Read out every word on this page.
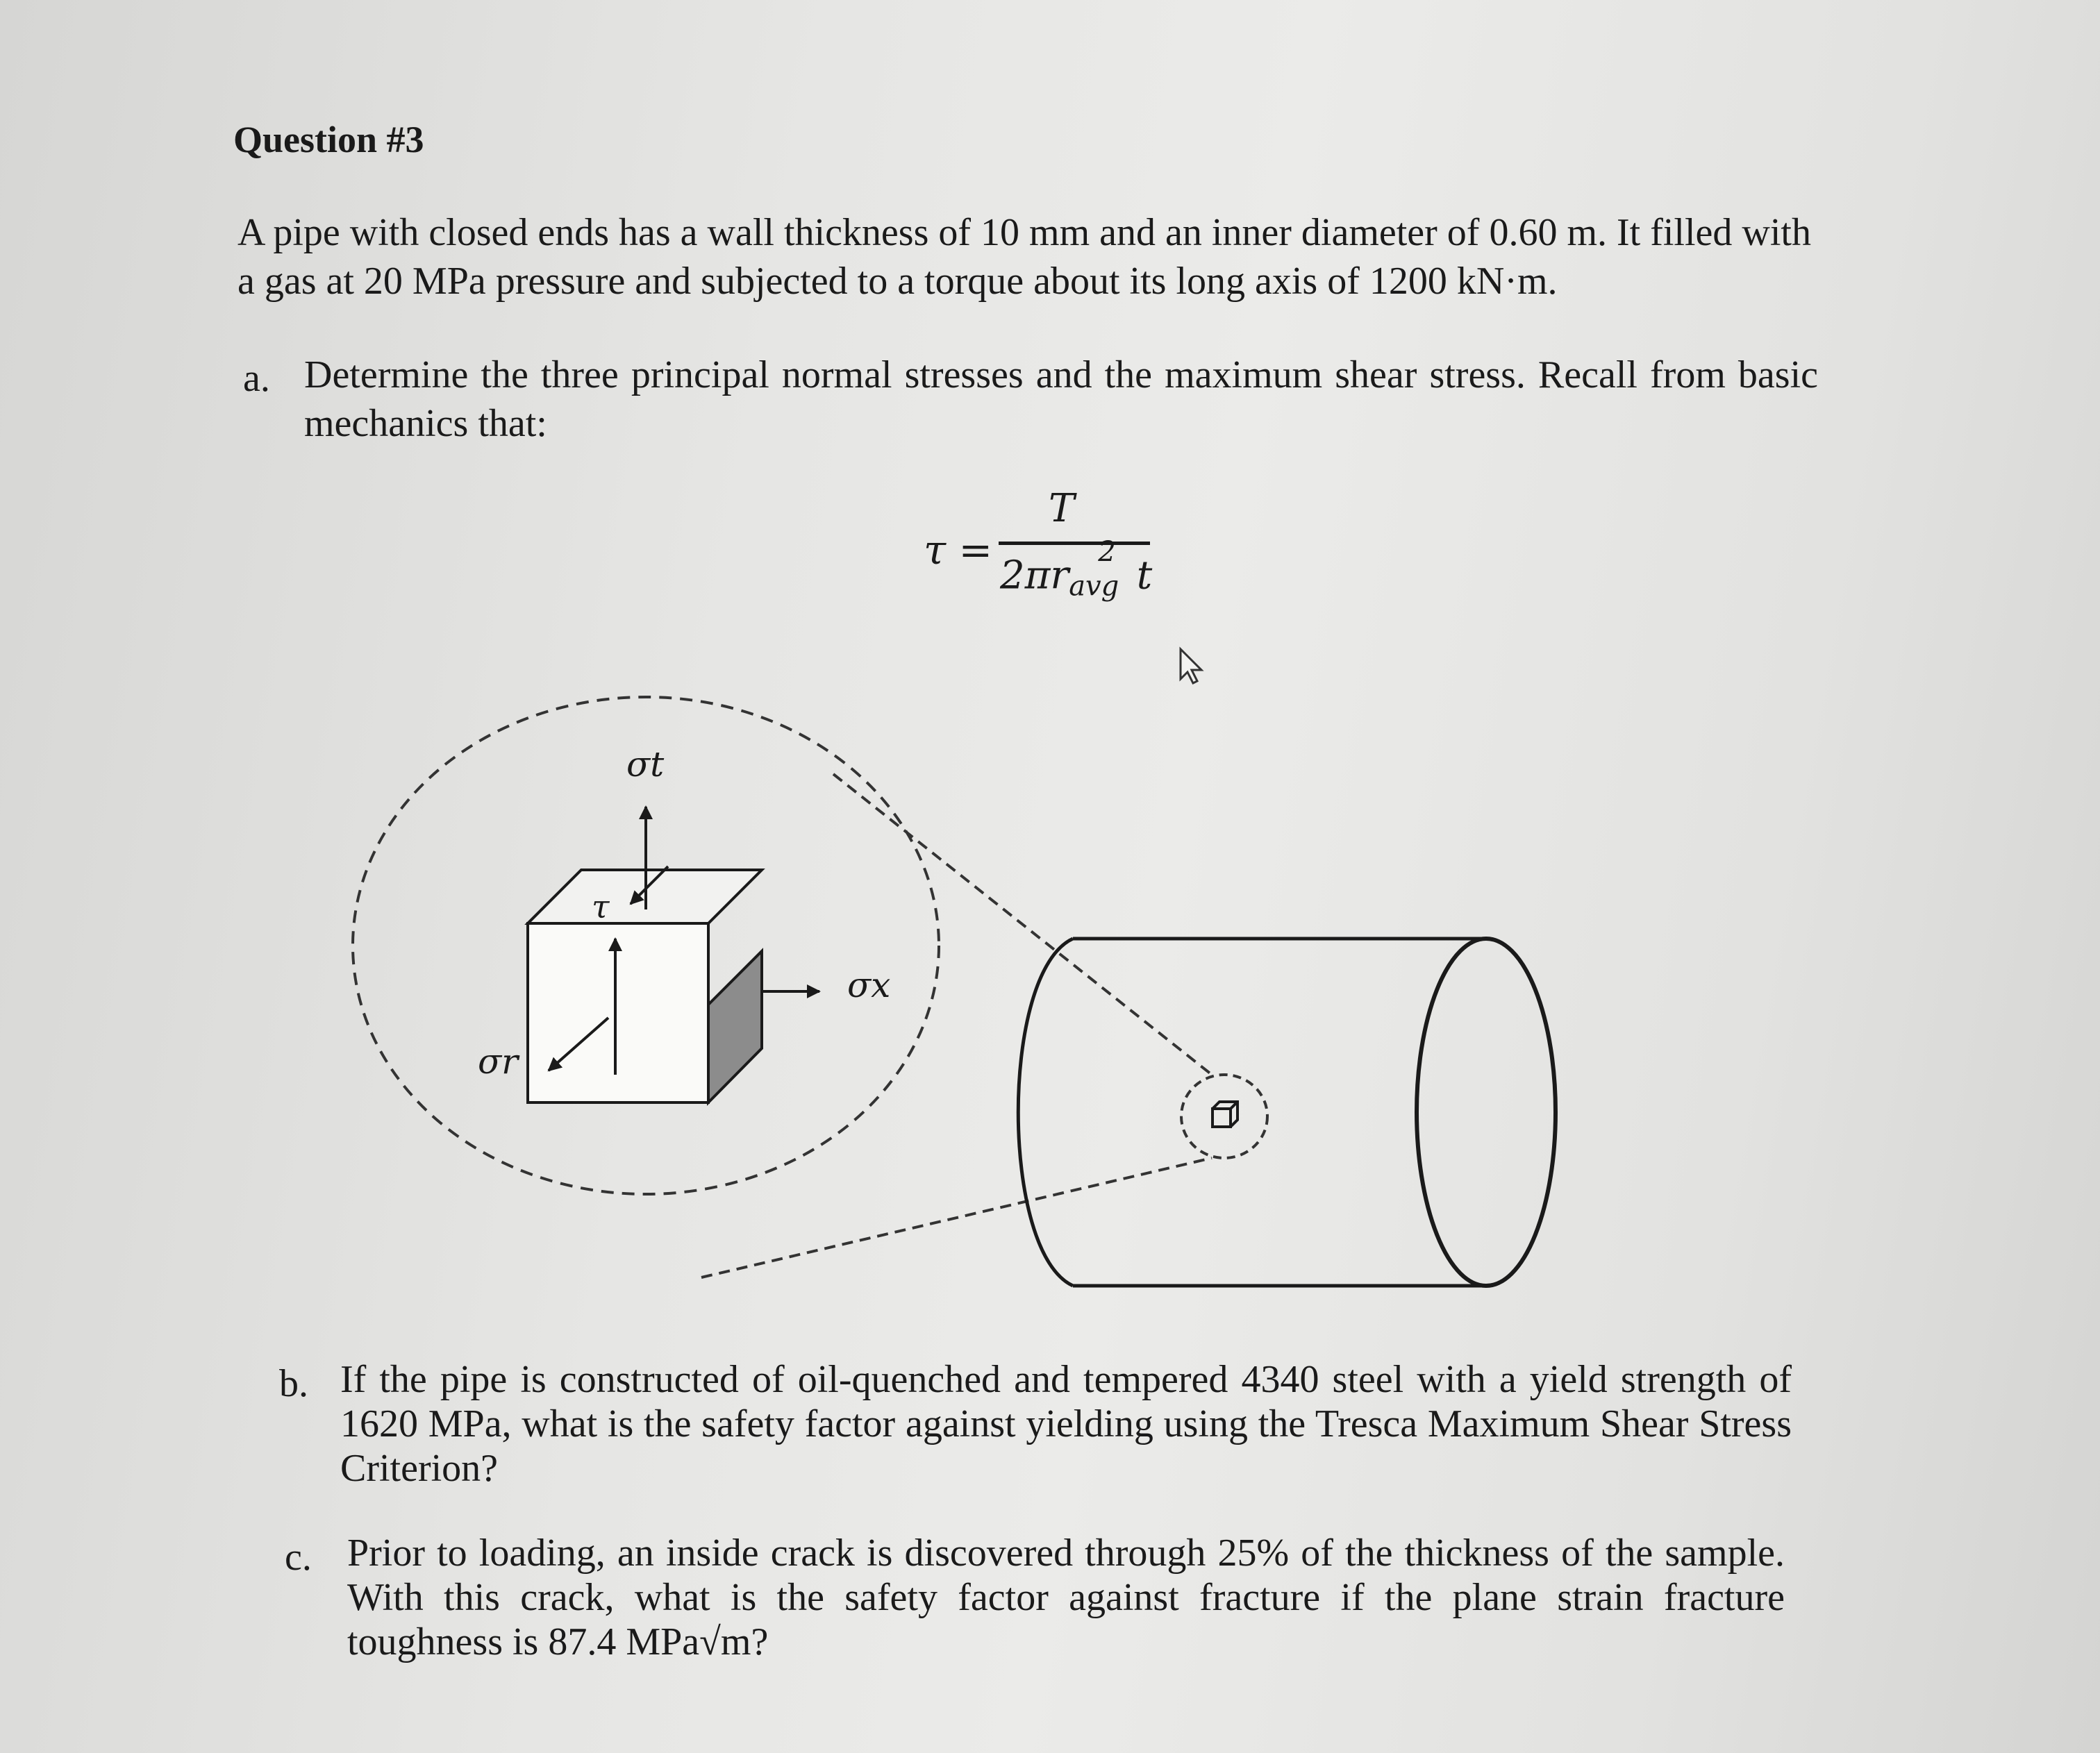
Question #3

A pipe with closed ends has a wall thickness of 10 mm and an inner diameter of 0.60 m. It filled with a gas at 20 MPa pressure and subjected to a torque about its long axis of 1200 kN·m.

a. Determine the three principal normal stresses and the maximum shear stress. Recall from basic mechanics that:

τ =
T
$2\pi r_{avg}^2t$
σt
τ
σx
σr
b. If the pipe is constructed of oil-quenched and tempered 4340 steel with a yield strength of 1620 MPa, what is the safety factor against yielding using the Tresca Maximum Shear Stress Criterion?

c. Prior to loading, an inside crack is discovered through 25% of the thickness of the sample. With this crack, what is the safety factor against fracture if the plane strain fracture toughness is 87.4 MPa√m?
